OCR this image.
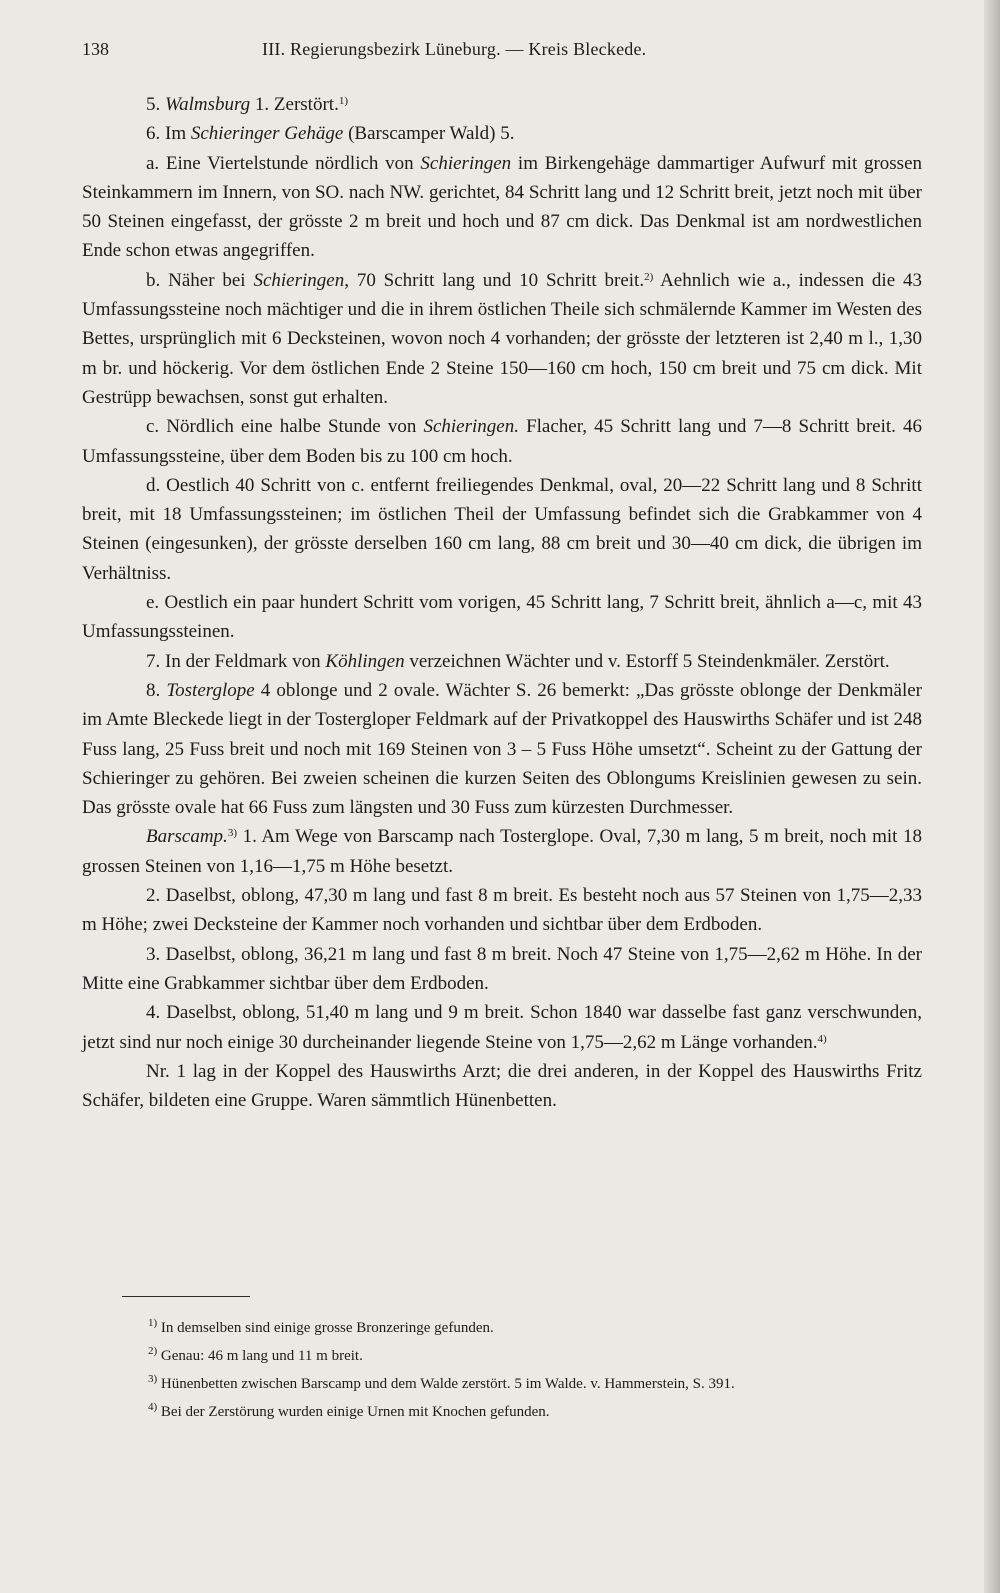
138	III. Regierungsbezirk Lüneburg. — Kreis Bleckede.

5. Walmsburg 1. Zerstört.$^{1)}$

6. Im Schieringer Gehäge (Barscamper Wald) 5.

a. Eine Viertelstunde nördlich von Schieringen im Birkengehäge dammartiger Aufwurf mit grossen Steinkammern im Innern, von SO. nach NW. gerichtet, 84 Schritt lang und 12 Schritt breit, jetzt noch mit über 50 Steinen eingefasst, der grösste 2 m breit und hoch und 87 cm dick. Das Denkmal ist am nordwestlichen Ende schon etwas angegriffen.

b. Näher bei Schieringen, 70 Schritt lang und 10 Schritt breit.$^{2)}$ Aehnlich wie a., indessen die 43 Umfassungssteine noch mächtiger und die in ihrem östlichen Theile sich schmälernde Kammer im Westen des Bettes, ursprünglich mit 6 Decksteinen, wovon noch 4 vorhanden; der grösste der letzteren ist 2,40 m l., 1,30 m br. und höckerig. Vor dem östlichen Ende 2 Steine 150—160 cm hoch, 150 cm breit und 75 cm dick. Mit Gestrüpp bewachsen, sonst gut erhalten.

c. Nördlich eine halbe Stunde von Schieringen. Flacher, 45 Schritt lang und 7—8 Schritt breit. 46 Umfassungssteine, über dem Boden bis zu 100 cm hoch.

d. Oestlich 40 Schritt von c. entfernt freiliegendes Denkmal, oval, 20—22 Schritt lang und 8 Schritt breit, mit 18 Umfassungssteinen; im östlichen Theil der Umfassung befindet sich die Grabkammer von 4 Steinen (eingesunken), der grösste derselben 160 cm lang, 88 cm breit und 30—40 cm dick, die übrigen im Verhältniss.

e. Oestlich ein paar hundert Schritt vom vorigen, 45 Schritt lang, 7 Schritt breit, ähnlich a—c, mit 43 Umfassungssteinen.

7. In der Feldmark von Köhlingen verzeichnen Wächter und v. Estorff 5 Steindenkmäler. Zerstört.

8. Tosterglope 4 oblonge und 2 ovale. Wächter S. 26 bemerkt: „Das grösste oblonge der Denkmäler im Amte Bleckede liegt in der Tostergloper Feldmark auf der Privatkoppel des Hauswirths Schäfer und ist 248 Fuss lang, 25 Fuss breit und noch mit 169 Steinen von 3 – 5 Fuss Höhe umsetzt“. Scheint zu der Gattung der Schieringer zu gehören. Bei zweien scheinen die kurzen Seiten des Oblongums Kreislinien gewesen zu sein. Das grösste ovale hat 66 Fuss zum längsten und 30 Fuss zum kürzesten Durchmesser.

Barscamp.$^{3)}$ 1. Am Wege von Barscamp nach Tosterglope. Oval, 7,30 m lang, 5 m breit, noch mit 18 grossen Steinen von 1,16—1,75 m Höhe besetzt.

2. Daselbst, oblong, 47,30 m lang und fast 8 m breit. Es besteht noch aus 57 Steinen von 1,75—2,33 m Höhe; zwei Decksteine der Kammer noch vorhanden und sichtbar über dem Erdboden.

3. Daselbst, oblong, 36,21 m lang und fast 8 m breit. Noch 47 Steine von 1,75—2,62 m Höhe. In der Mitte eine Grabkammer sichtbar über dem Erdboden.

4. Daselbst, oblong, 51,40 m lang und 9 m breit. Schon 1840 war dasselbe fast ganz verschwunden, jetzt sind nur noch einige 30 durcheinander liegende Steine von 1,75—2,62 m Länge vorhanden.$^{4)}$

Nr. 1 lag in der Koppel des Hauswirths Arzt; die drei anderen, in der Koppel des Hauswirths Fritz Schäfer, bildeten eine Gruppe. Waren sämmtlich Hünenbetten.

$^{1)}$ In demselben sind einige grosse Bronzeringe gefunden.

$^{2)}$ Genau: 46 m lang und 11 m breit.

$^{3)}$ Hünenbetten zwischen Barscamp und dem Walde zerstört. 5 im Walde. v. Hammerstein, S. 391.

$^{4)}$ Bei der Zerstörung wurden einige Urnen mit Knochen gefunden.
